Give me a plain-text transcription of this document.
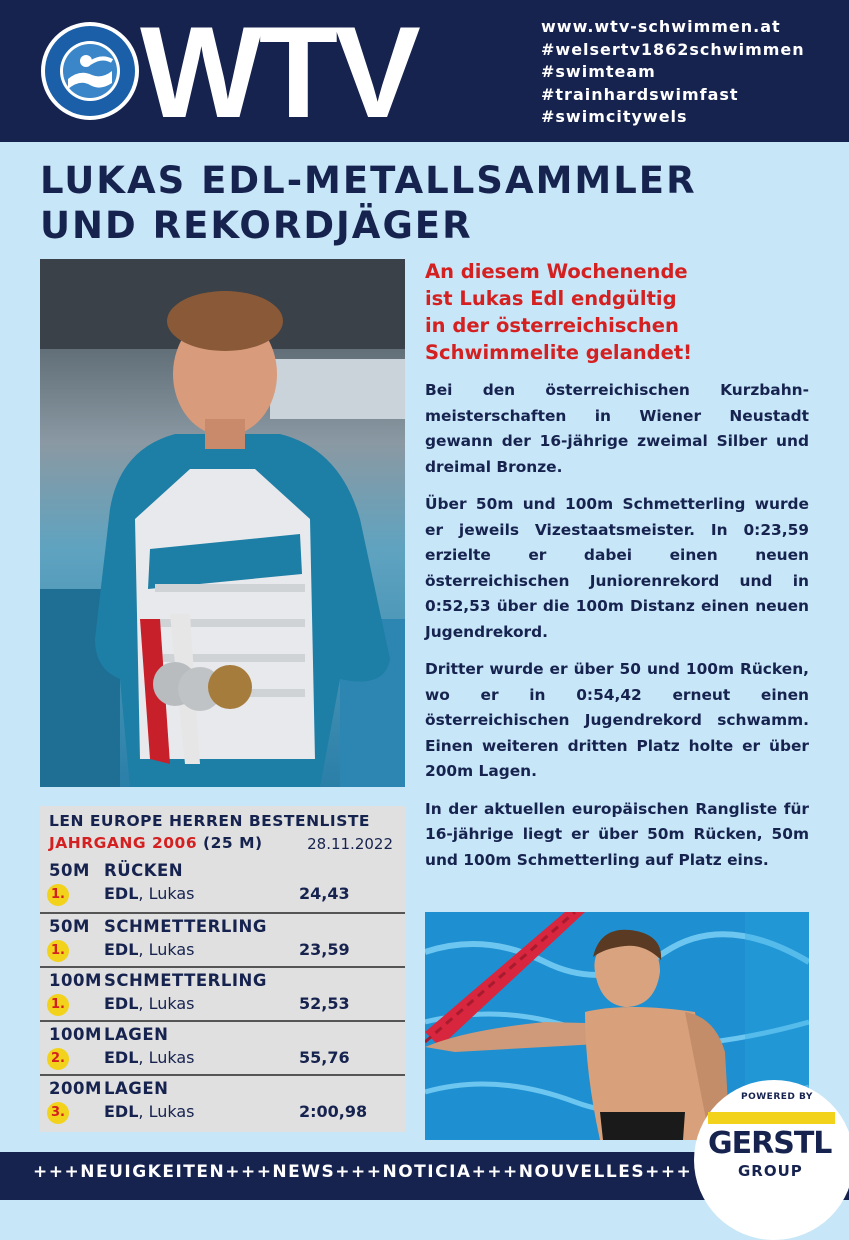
WTV	www.wtv-schwimmen.at
#welsertv1862schwimmen
#swimteam
#trainhardswimfast
#swimcitywels
LUKAS EDL-METALLSAMMLER
UND REKORDJÄGER
An diesem Wochenende
ist Lukas Edl endgültig
in der österreichischen
Schwimmelite gelandet!

Bei den österreichischen Kurzbahn-meisterschaften in Wiener Neustadt gewann der 16-jährige zweimal Silber und dreimal Bronze.

Über 50m und 100m Schmetterling wurde er jeweils Vizestaatsmeister. In 0:23,59 erzielte er dabei einen neuen österreichischen Juniorenrekord und in 0:52,53 über die 100m Distanz einen neuen Jugendrekord.

Dritter wurde er über 50 und 100m Rücken, wo er in 0:54,42 erneut einen österreichischen Jugendrekord schwamm. Einen weiteren dritten Platz holte er über 200m Lagen.

In der aktuellen europäischen Rangliste für 16-jährige liegt er über 50m Rücken, 50m und 100m Schmetterling auf Platz eins.

LEN EUROPE HERREN BESTENLISTE
JAHRGANG 2006 (25 M)	28.11.2022
50M RÜCKEN
1. EDL, Lukas	24,43
50M SCHMETTERLING
1. EDL, Lukas	23,59
100M SCHMETTERLING
1. EDL, Lukas	52,53
100M LAGEN
2. EDL, Lukas	55,76
200M LAGEN
3. EDL, Lukas	2:00,98
+++NEUIGKEITEN+++NEWS+++NOTICIA+++NOUVELLES+++
POWERED BY
GERSTL
GROUP
